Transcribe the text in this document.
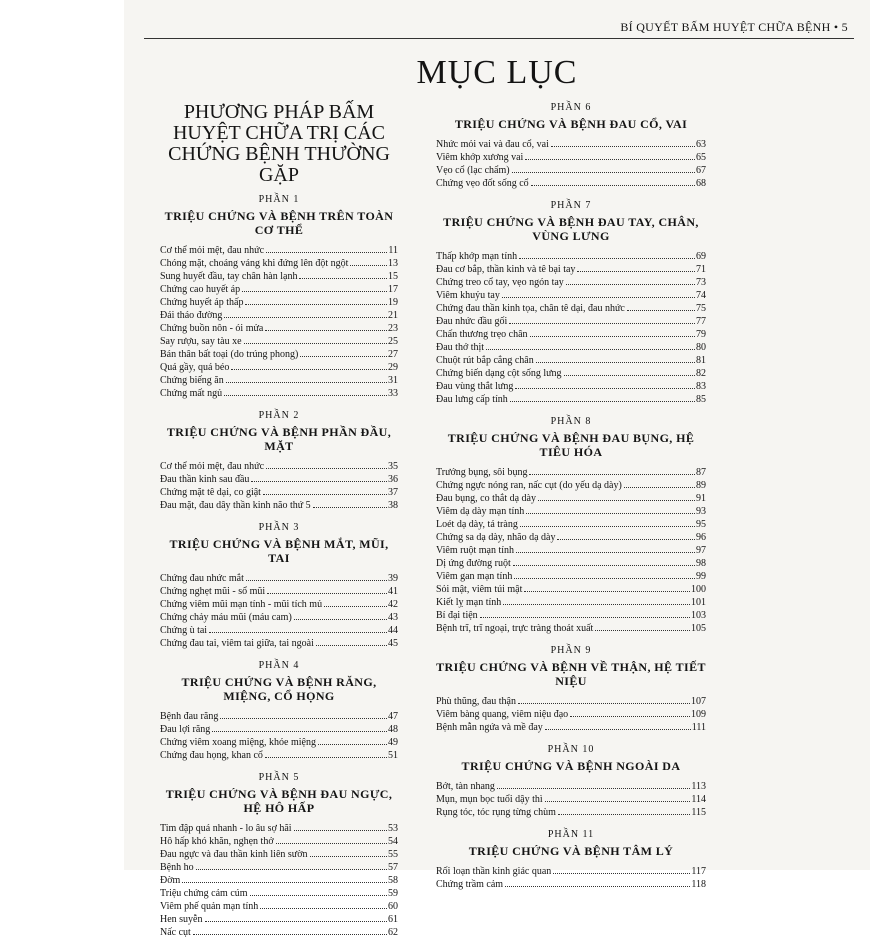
BÍ QUYẾT BẤM HUYỆT CHỮA BỆNH • 5
MỤC LỤC
PHƯƠNG PHÁP BẤM HUYỆT CHỮA TRỊ CÁC CHỨNG BỆNH THƯỜNG GẶP
PHẦN 1
TRIỆU CHỨNG VÀ BỆNH TRÊN TOÀN CƠ THỂ
Cơ thể mỏi mệt, đau nhức	11
Chóng mặt, choáng váng khi đứng lên đột ngột	13
Sung huyết đầu, tay chân hàn lạnh	15
Chứng cao huyết áp	17
Chứng huyết áp thấp	19
Đái tháo đường	21
Chứng buồn nôn - ói mửa	23
Say rượu, say tàu xe	25
Bán thân bất toại (do trúng phong)	27
Quá gầy, quá béo	29
Chứng biếng ăn	31
Chứng mất ngủ	33
PHẦN 2
TRIỆU CHỨNG VÀ BỆNH PHẦN ĐẦU, MẶT
Cơ thể mỏi mệt, đau nhức	35
Đau thần kinh sau đầu	36
Chứng mặt tê dại, co giật	37
Đau mặt, đau dây thần kinh não thứ 5	38
PHẦN 3
TRIỆU CHỨNG VÀ BỆNH MẮT, MŨI, TAI
Chứng đau nhức mắt	39
Chứng nghẹt mũi - sổ mũi	41
Chứng viêm mũi mạn tính - mũi tích mủ	42
Chứng chảy máu mũi (máu cam)	43
Chứng ù tai	44
Chứng đau tai, viêm tai giữa, tai ngoài	45
PHẦN 4
TRIỆU CHỨNG VÀ BỆNH RĂNG, MIỆNG, CỔ HỌNG
Bệnh đau răng	47
Đau lợi răng	48
Chứng viêm xoang miệng, khóe miệng	49
Chứng đau họng, khan cổ	51
PHẦN 5
TRIỆU CHỨNG VÀ BỆNH ĐAU NGỰC, HỆ HÔ HẤP
Tim đập quá nhanh - lo âu sợ hãi	53
Hô hấp khó khăn, nghẹn thở	54
Đau ngực và đau thần kinh liên sườn	55
Bệnh ho	57
Đờm	58
Triệu chứng cảm cúm	59
Viêm phế quản mạn tính	60
Hen suyễn	61
Nấc cụt	62
PHẦN 6
TRIỆU CHỨNG VÀ BỆNH ĐAU CỔ, VAI
Nhức mỏi vai và đau cổ, vai	63
Viêm khớp xương vai	65
Vẹo cổ (lạc chẩm)	67
Chứng vẹo đốt sống cổ	68
PHẦN 7
TRIỆU CHỨNG VÀ BỆNH ĐAU TAY, CHÂN, VÙNG LƯNG
Thấp khớp mạn tính	69
Đau cơ bắp, thần kinh và tê bại tay	71
Chứng treo cổ tay, vẹo ngón tay	73
Viêm khuỷu tay	74
Chứng đau thần kinh tọa, chân tê dại, đau nhức	75
Đau nhức đầu gối	77
Chấn thương trẹo chân	79
Đau thớ thịt	80
Chuột rút bắp cẳng chân	81
Chứng biến dạng cột sống lưng	82
Đau vùng thắt lưng	83
Đau lưng cấp tính	85
PHẦN 8
TRIỆU CHỨNG VÀ BỆNH ĐAU BỤNG, HỆ TIÊU HÓA
Trướng bụng, sôi bụng	87
Chứng ngực nóng ran, nấc cụt (do yếu dạ dày)	89
Đau bụng, co thắt dạ dày	91
Viêm dạ dày mạn tính	93
Loét dạ dày, tá tràng	95
Chứng sa dạ dày, nhão dạ dày	96
Viêm ruột mạn tính	97
Dị ứng đường ruột	98
Viêm gan mạn tính	99
Sỏi mật, viêm túi mật	100
Kiết lỵ mạn tính	101
Bí đại tiện	103
Bệnh trĩ, trĩ ngoại, trực tràng thoát xuất	105
PHẦN 9
TRIỆU CHỨNG VÀ BỆNH VỀ THẬN, HỆ TIẾT NIỆU
Phù thũng, đau thận	107
Viêm bàng quang, viêm niệu đạo	109
Bệnh mẫn ngứa và mề đay	111
PHẦN 10
TRIỆU CHỨNG VÀ BỆNH NGOÀI DA
Bớt, tàn nhang	113
Mụn, mụn bọc tuổi dậy thì	114
Rụng tóc, tóc rụng từng chùm	115
PHẦN 11
TRIỆU CHỨNG VÀ BỆNH TÂM LÝ
Rối loạn thần kinh giác quan	117
Chứng trầm cảm	118
